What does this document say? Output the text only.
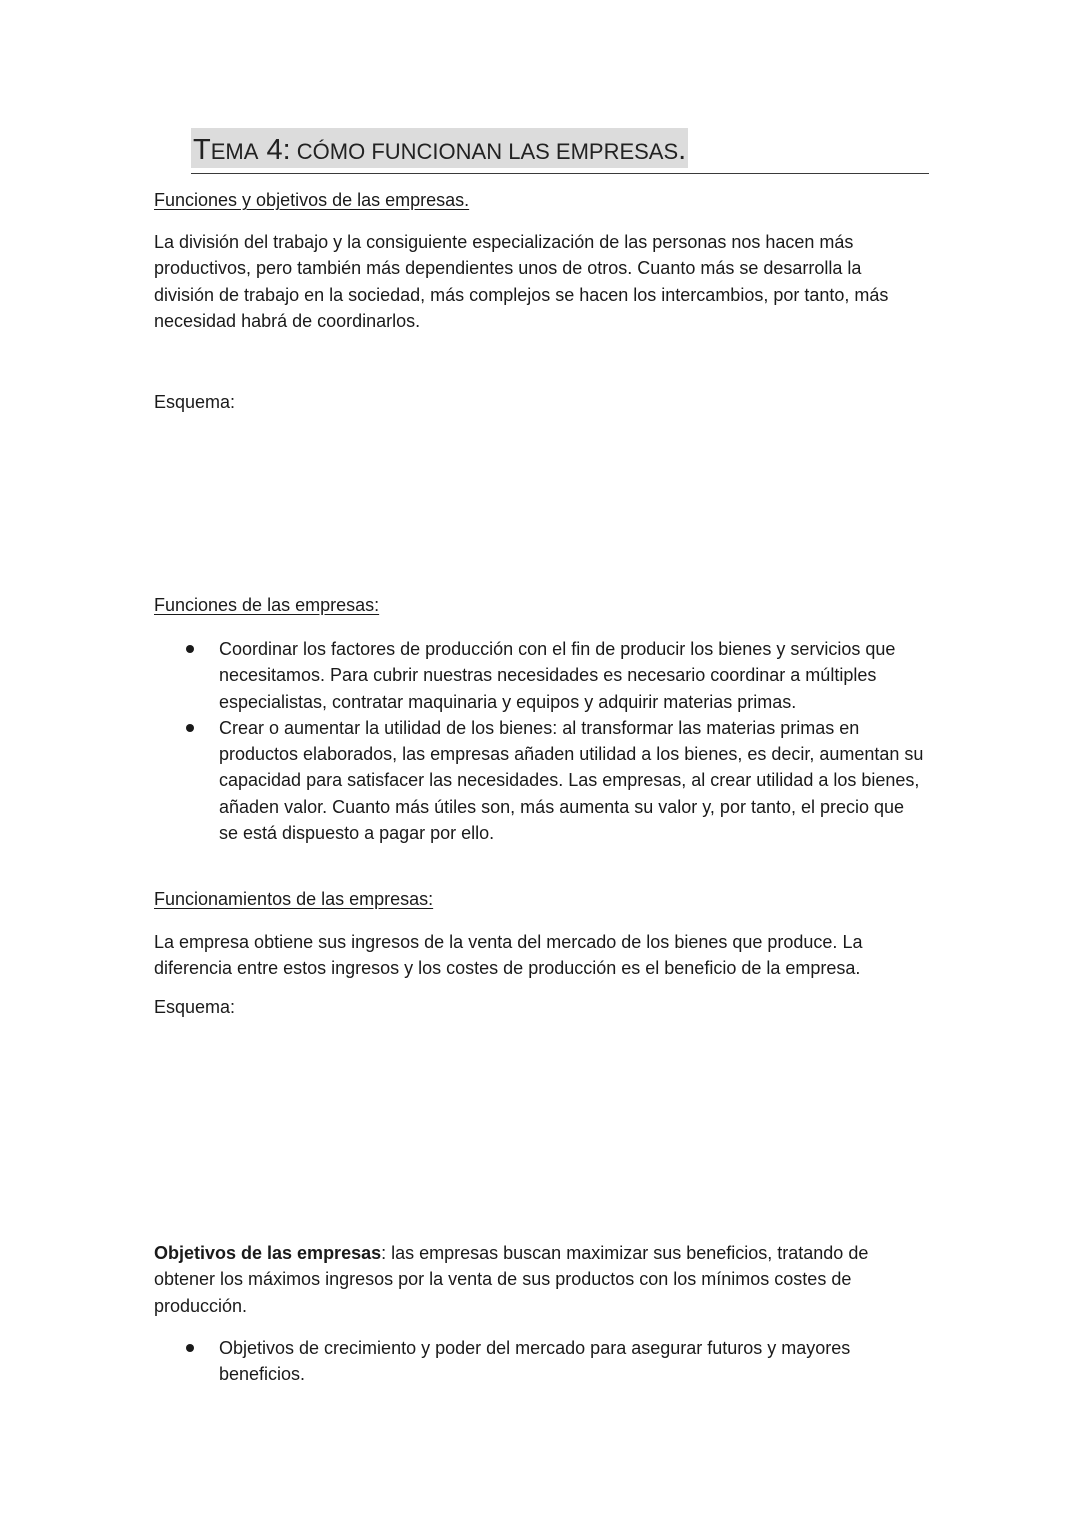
TEMA 4: CÓMO FUNCIONAN LAS EMPRESAS.
Funciones y objetivos de las empresas.
La división del trabajo y la consiguiente especialización de las personas nos hacen más productivos, pero también más dependientes unos de otros. Cuanto más se desarrolla la división de trabajo en la sociedad, más complejos se hacen los intercambios, por tanto, más necesidad habrá de coordinarlos.
Esquema:
Funciones de las empresas:
Coordinar los factores de producción con el fin de producir los bienes y servicios que necesitamos. Para cubrir nuestras necesidades es necesario coordinar a múltiples especialistas, contratar maquinaria y equipos y adquirir materias primas.
Crear o aumentar la utilidad de los bienes: al transformar las materias primas en productos elaborados, las empresas añaden utilidad a los bienes, es decir, aumentan su capacidad para satisfacer las necesidades. Las empresas, al crear utilidad a los bienes, añaden valor. Cuanto más útiles son, más aumenta su valor y, por tanto, el precio que se está dispuesto a pagar por ello.
Funcionamientos de las empresas:
La empresa obtiene sus ingresos de la venta del mercado de los bienes que produce. La diferencia entre estos ingresos y los costes de producción es el beneficio de la empresa.
Esquema:
Objetivos de las empresas: las empresas buscan maximizar sus beneficios, tratando de obtener los máximos ingresos por la venta de sus productos con los mínimos costes de producción.
Objetivos de crecimiento y poder del mercado para asegurar futuros y mayores beneficios.
